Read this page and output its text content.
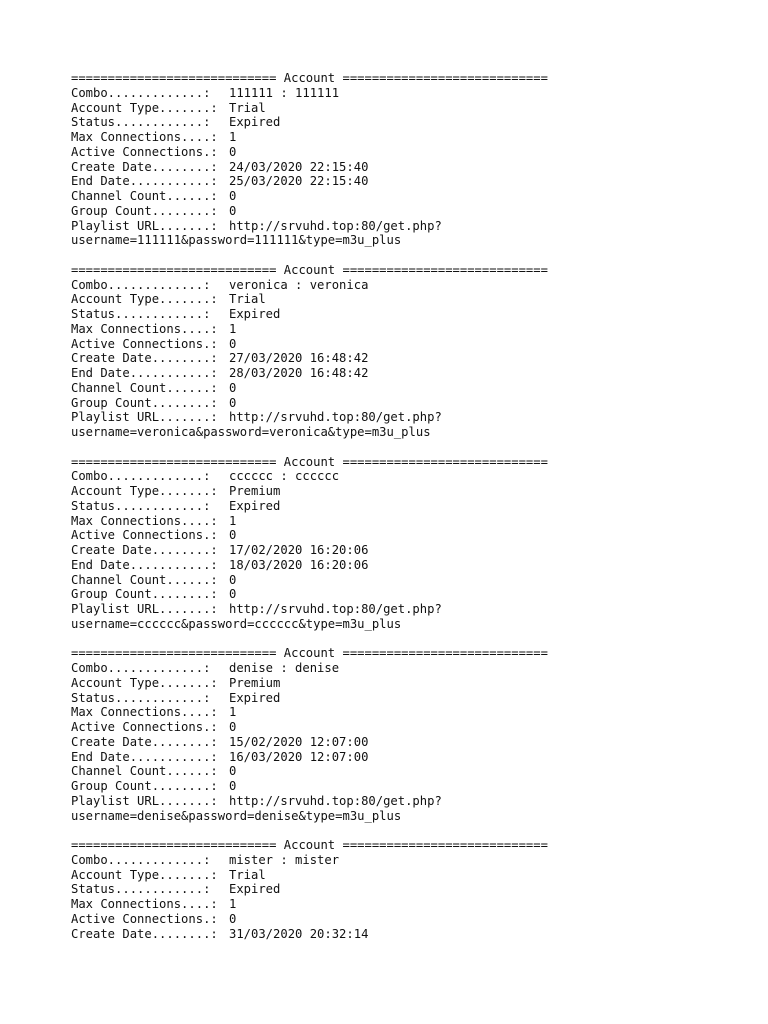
============================ Account ============================
Combo.............:	111111 : 111111
Account Type.......: Trial
Status............:	Expired
Max Connections....: 1
Active Connections.: 0
Create Date........: 24/03/2020 22:15:40
End Date...........: 25/03/2020 22:15:40
Channel Count......: 0
Group Count........: 0
Playlist URL.......: http://srvuhd.top:80/get.php?
username=111111&password=111111&type=m3u_plus
============================ Account ============================
Combo.............:	veronica : veronica
Account Type.......: Trial
Status............:	Expired
Max Connections....: 1
Active Connections.: 0
Create Date........: 27/03/2020 16:48:42
End Date...........: 28/03/2020 16:48:42
Channel Count......: 0
Group Count........: 0
Playlist URL.......: http://srvuhd.top:80/get.php?
username=veronica&password=veronica&type=m3u_plus
============================ Account ============================
Combo.............:	cccccc : cccccc
Account Type.......: Premium
Status............:	Expired
Max Connections....: 1
Active Connections.: 0
Create Date........: 17/02/2020 16:20:06
End Date...........: 18/03/2020 16:20:06
Channel Count......: 0
Group Count........: 0
Playlist URL.......: http://srvuhd.top:80/get.php?
username=cccccc&password=cccccc&type=m3u_plus
============================ Account ============================
Combo.............:	denise : denise
Account Type.......: Premium
Status............:	Expired
Max Connections....: 1
Active Connections.: 0
Create Date........: 15/02/2020 12:07:00
End Date...........: 16/03/2020 12:07:00
Channel Count......: 0
Group Count........: 0
Playlist URL.......: http://srvuhd.top:80/get.php?
username=denise&password=denise&type=m3u_plus
============================ Account ============================
Combo.............:	mister : mister
Account Type.......: Trial
Status............:	Expired
Max Connections....: 1
Active Connections.: 0
Create Date........: 31/03/2020 20:32:14
